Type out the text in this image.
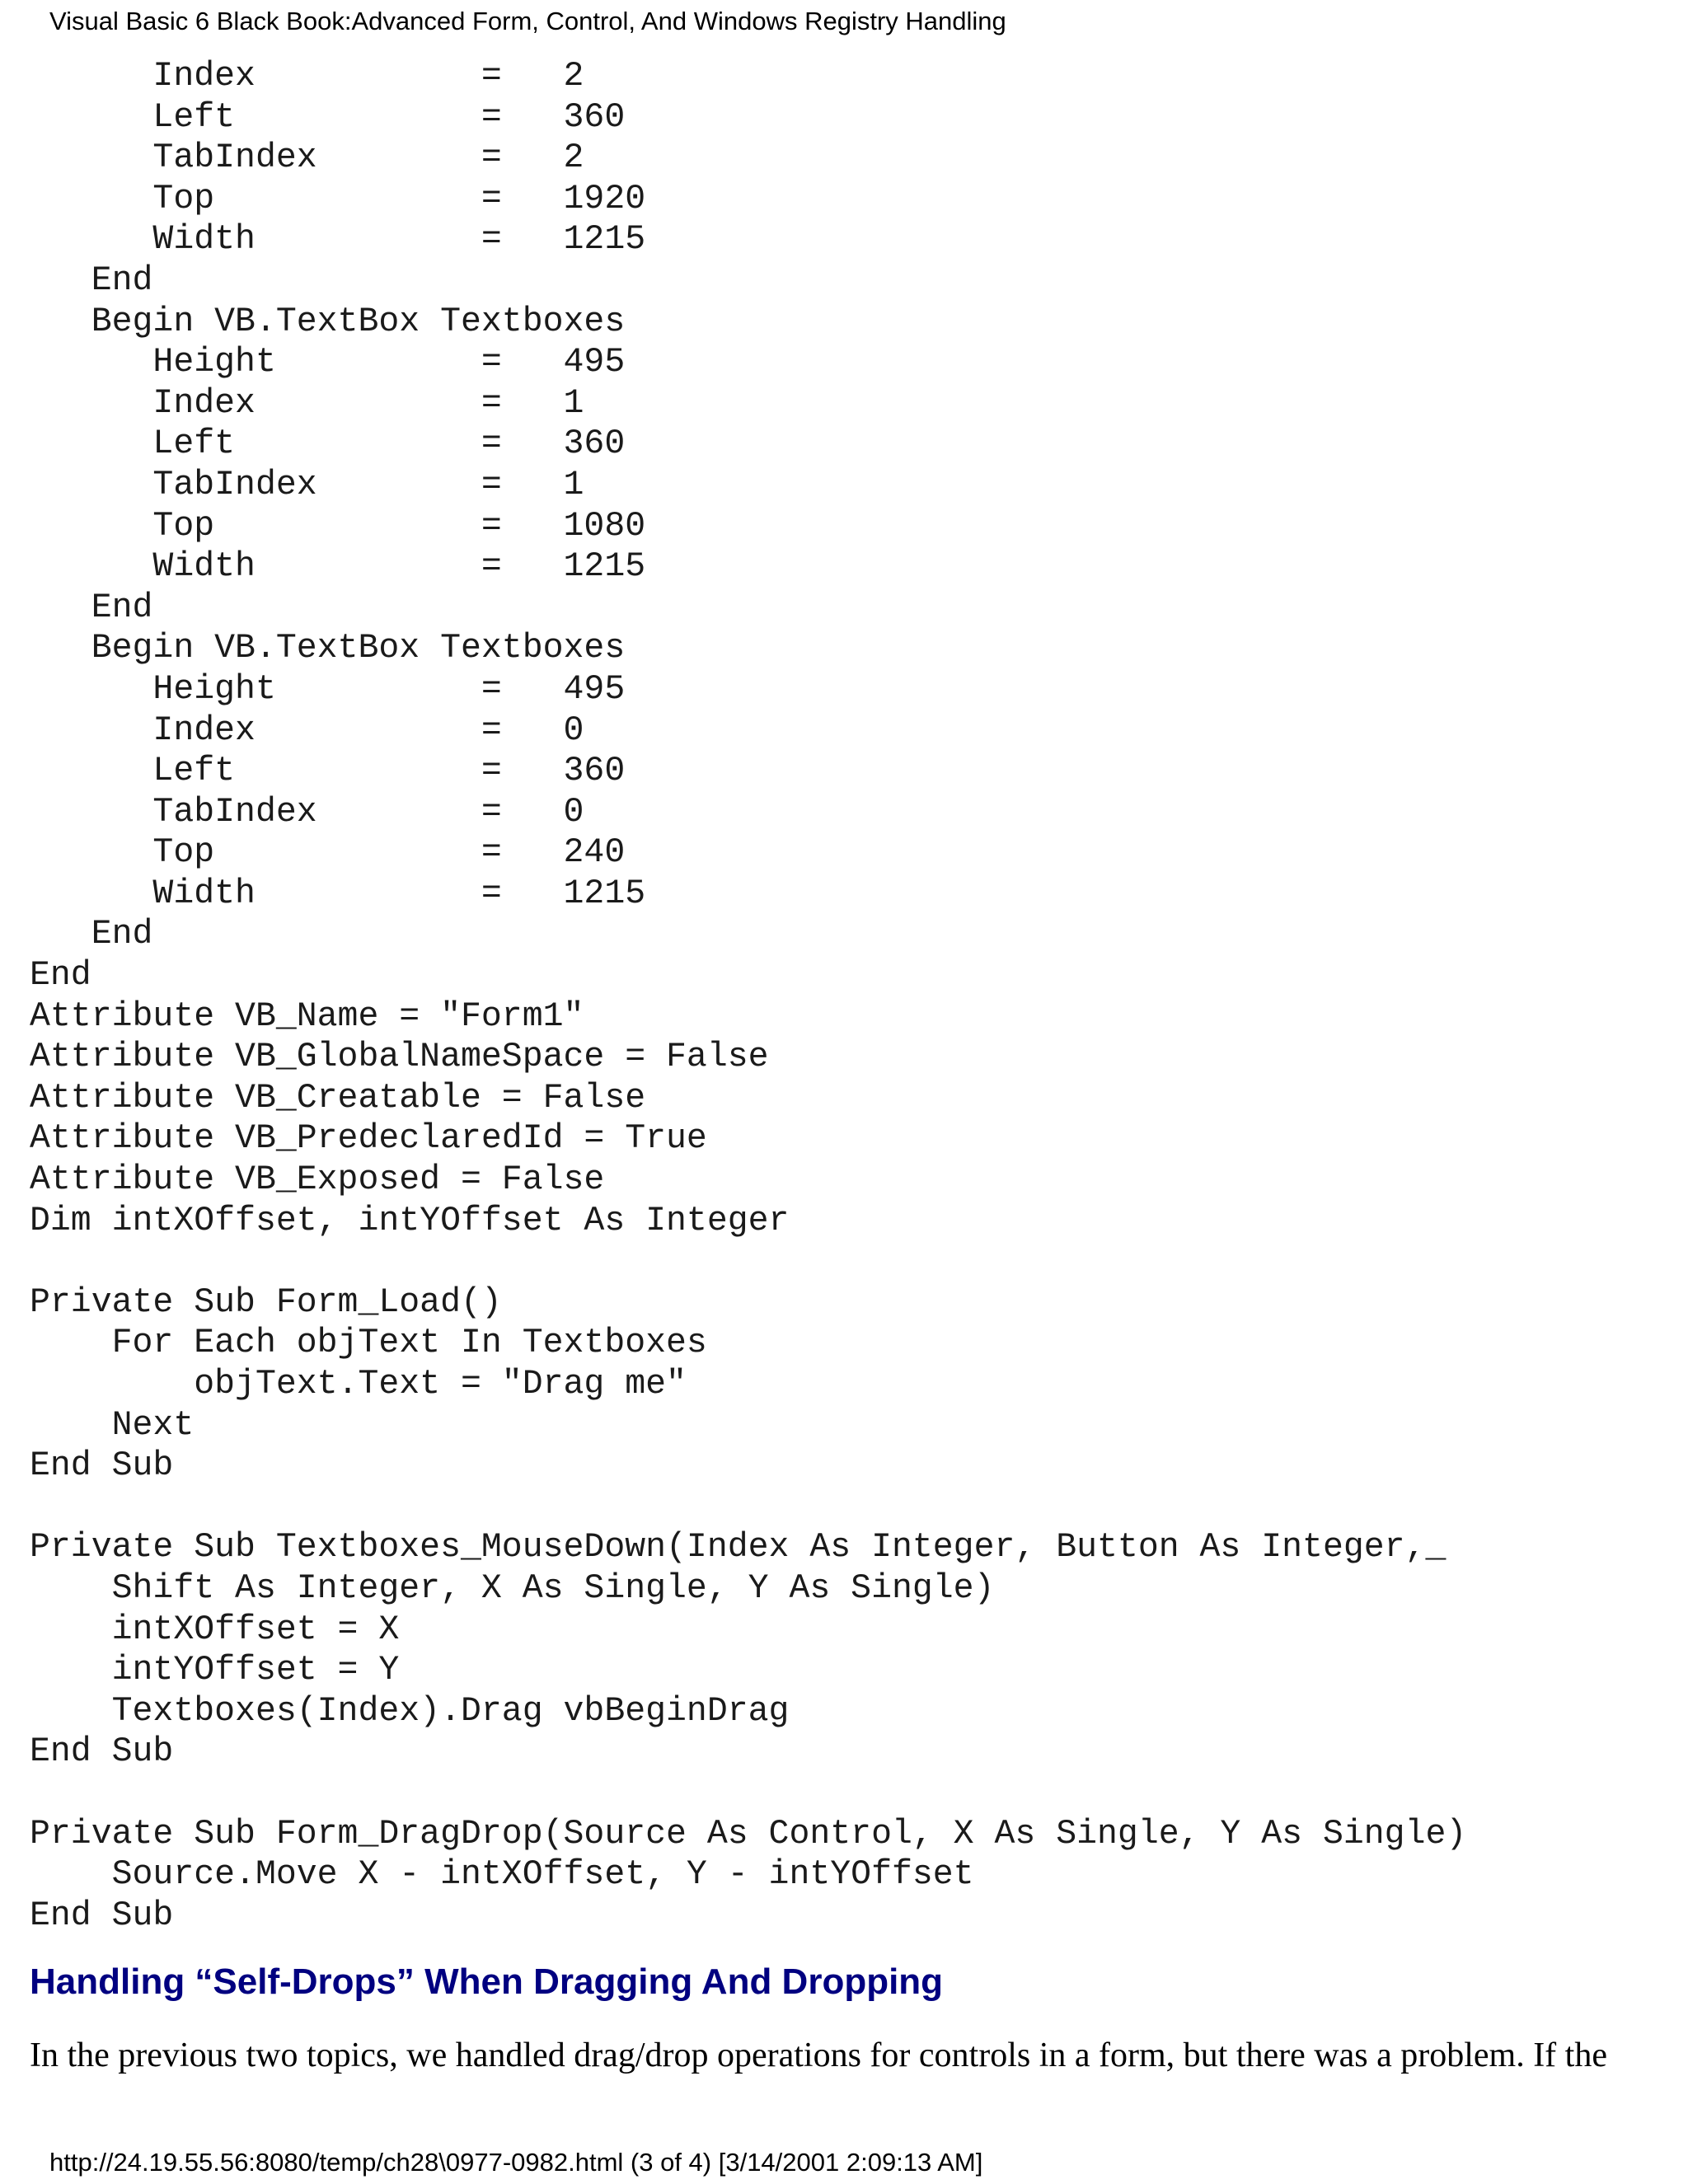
Visual Basic 6 Black Book:Advanced Form, Control, And Windows Registry Handling
Index           =   2
Left            =   360
TabIndex        =   2
Top             =   1920
Width           =   1215
End
Begin VB.TextBox Textboxes
Height          =   495
Index           =   1
Left            =   360
TabIndex        =   1
Top             =   1080
Width           =   1215
End
Begin VB.TextBox Textboxes
Height          =   495
Index           =   0
Left            =   360
TabIndex        =   0
Top             =   240
Width           =   1215
End
End
Attribute VB_Name = "Form1"
Attribute VB_GlobalNameSpace = False
Attribute VB_Creatable = False
Attribute VB_PredeclaredId = True
Attribute VB_Exposed = False
Dim intXOffset, intYOffset As Integer
Private Sub Form_Load()
For Each objText In Textboxes
objText.Text = "Drag me"
Next
End Sub
Private Sub Textboxes_MouseDown(Index As Integer, Button As Integer,_
Shift As Integer, X As Single, Y As Single)
intXOffset = X
intYOffset = Y
Textboxes(Index).Drag vbBeginDrag
End Sub
Private Sub Form_DragDrop(Source As Control, X As Single, Y As Single)
Source.Move X - intXOffset, Y - intYOffset
End Sub
Handling “Self-Drops” When Dragging And Dropping

In the previous two topics, we handled drag/drop operations for controls in a form, but there was a problem. If the

http://24.19.55.56:8080/temp/ch28\0977-0982.html (3 of 4) [3/14/2001 2:09:13 AM]
